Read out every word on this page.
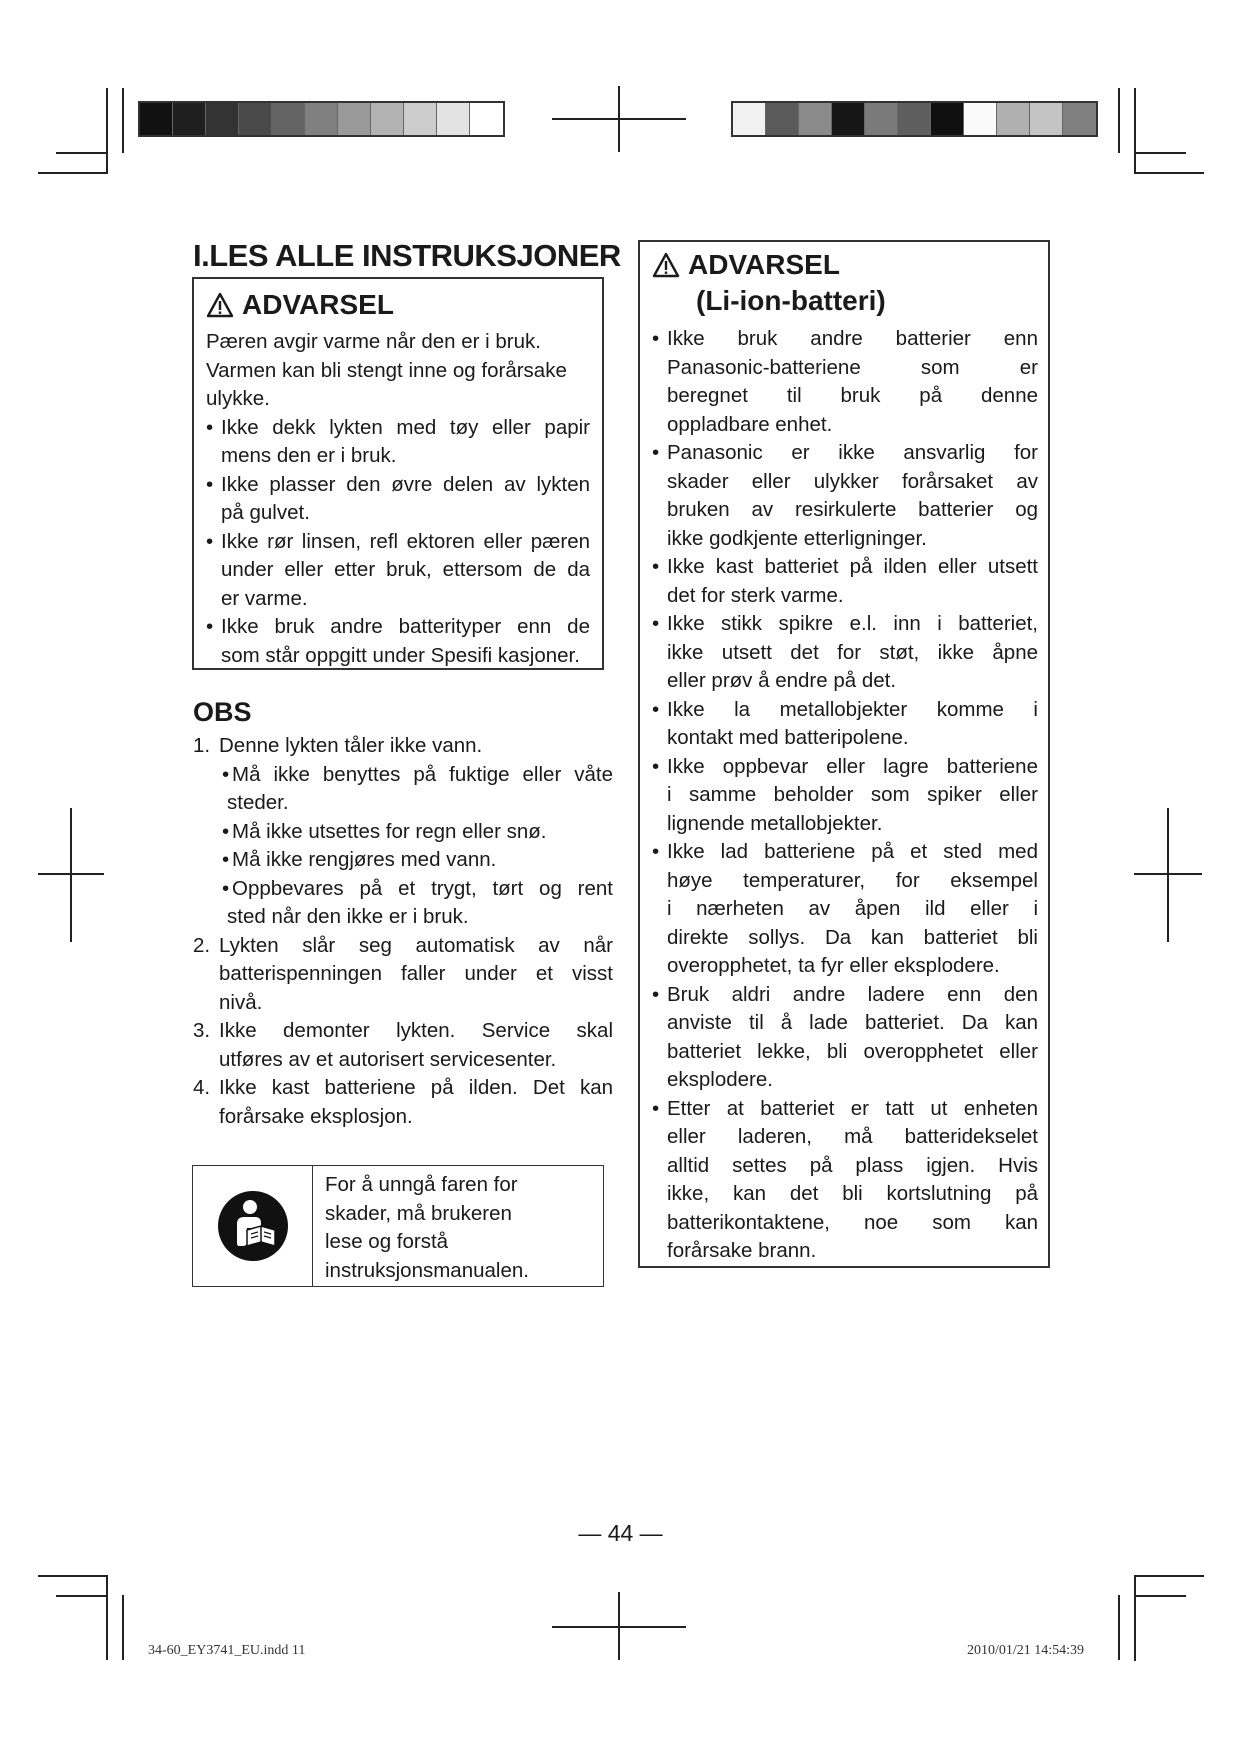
I.LES ALLE INSTRUKSJONER
ADVARSEL
Pæren avgir varme når den er i bruk.
Varmen kan bli stengt inne og forårsake
ulykke.
• Ikke dekk lykten med tøy eller papir
mens den er i bruk.
• Ikke plasser den øvre delen av lykten
på gulvet.
• Ikke rør linsen, refl ektoren eller pæren
under eller etter bruk, ettersom de da
er varme.
• Ikke bruk andre batterityper enn de
som står oppgitt under Spesifi kasjoner.
OBS
1. Denne lykten tåler ikke vann.
• Må ikke benyttes på fuktige eller våte
steder.
• Må ikke utsettes for regn eller snø.
• Må ikke rengjøres med vann.
• Oppbevares på et trygt, tørt og rent
sted når den ikke er i bruk.
2. Lykten slår seg automatisk av når
batterispenningen faller under et visst
nivå.
3. Ikke demonter lykten. Service skal
utføres av et autorisert servicesenter.
4. Ikke kast batteriene på ilden. Det kan
forårsake eksplosjon.
For å unngå faren for
skader, må brukeren
lese og forstå
instruksjonsmanualen.
ADVARSEL
(Li-ion-batteri)
• Ikke bruk andre batterier enn
Panasonic-batteriene som er
beregnet til bruk på denne
oppladbare enhet.
• Panasonic er ikke ansvarlig for
skader eller ulykker forårsaket av
bruken av resirkulerte batterier og
ikke godkjente etterligninger.
• Ikke kast batteriet på ilden eller utsett
det for sterk varme.
• Ikke stikk spikre e.l. inn i batteriet,
ikke utsett det for støt, ikke åpne
eller prøv å endre på det.
• Ikke la metallobjekter komme i
kontakt med batteripolene.
• Ikke oppbevar eller lagre batteriene
i samme beholder som spiker eller
lignende metallobjekter.
• Ikke lad batteriene på et sted med
høye temperaturer, for eksempel
i nærheten av åpen ild eller i
direkte sollys. Da kan batteriet bli
overopphetet, ta fyr eller eksplodere.
• Bruk aldri andre ladere enn den
anviste til å lade batteriet. Da kan
batteriet lekke, bli overopphetet eller
eksplodere.
• Etter at batteriet er tatt ut enheten
eller laderen, må batteridekselet
alltid settes på plass igjen. Hvis
ikke, kan det bli kortslutning på
batterikontaktene, noe som kan
forårsake brann.
— 44 —
34-60_EY3741_EU.indd 11	2010/01/21 14:54:39
